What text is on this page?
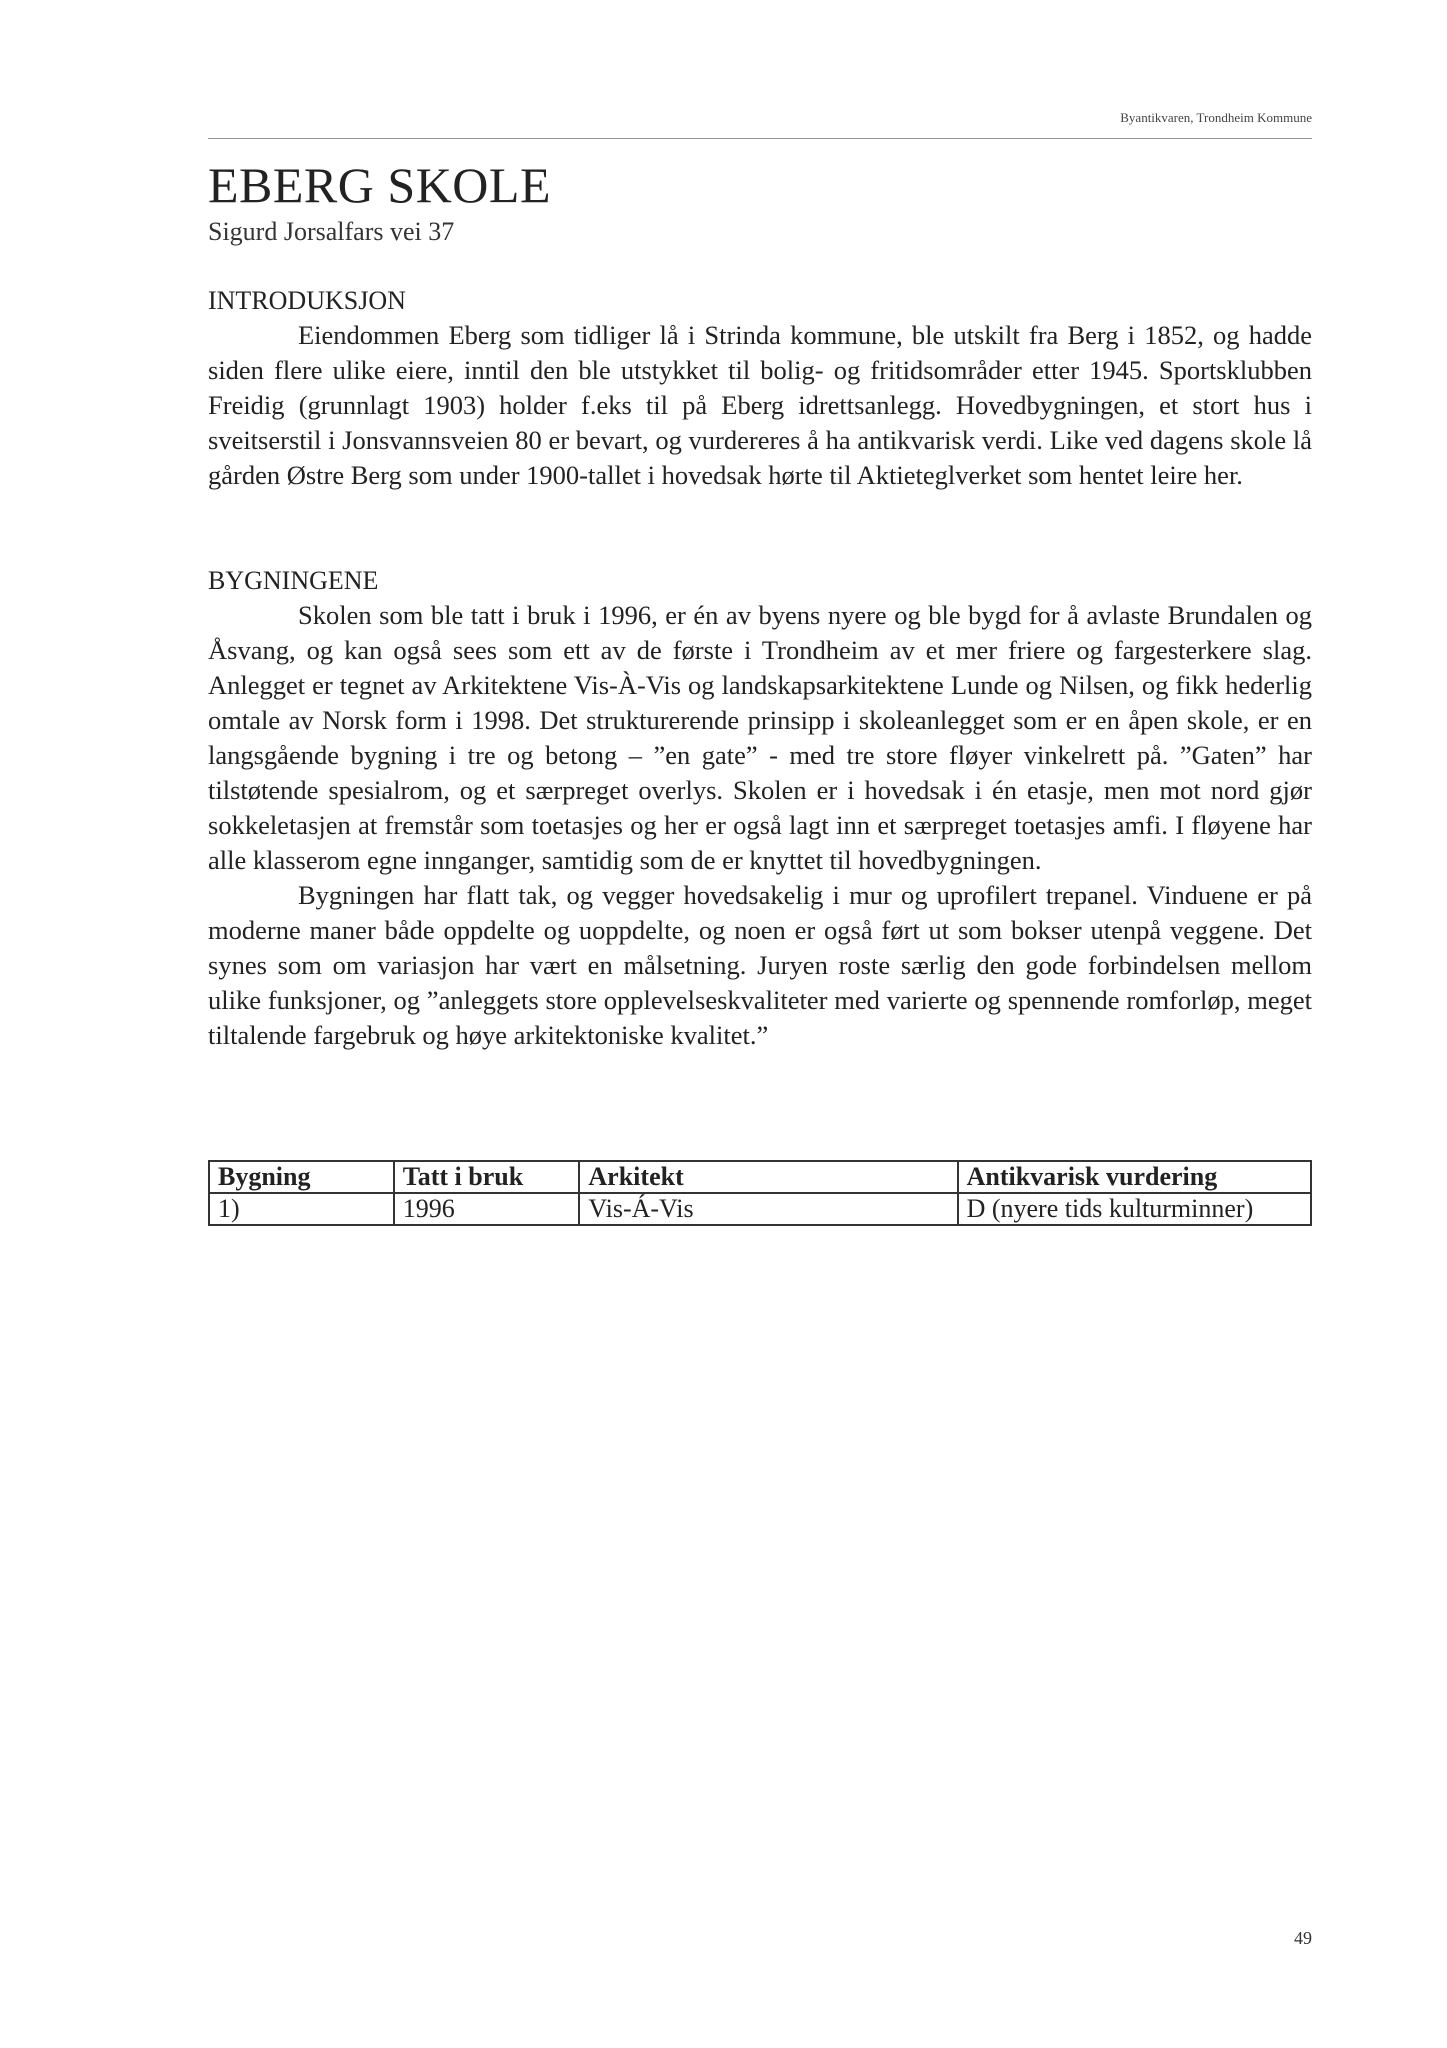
Byantikvaren, Trondheim Kommune
EBERG SKOLE
Sigurd Jorsalfars vei 37
INTRODUKSJON

Eiendommen Eberg som tidliger lå i Strinda kommune, ble utskilt fra Berg i 1852, og hadde siden flere ulike eiere, inntil den ble utstykket til bolig- og fritidsområder etter 1945. Sportsklubben Freidig (grunnlagt 1903) holder f.eks til på Eberg idrettsanlegg. Hovedbygningen, et stort hus i sveitserstil i Jonsvannsveien 80 er bevart, og vurdereres å ha antikvarisk verdi. Like ved dagens skole lå gården Østre Berg som under 1900-tallet i hovedsak hørte til Aktieteglverket som hentet leire her.

BYGNINGENE

Skolen som ble tatt i bruk i 1996, er én av byens nyere og ble bygd for å avlaste Brundalen og Åsvang, og kan også sees som ett av de første i Trondheim av et mer friere og fargesterkere slag. Anlegget er tegnet av Arkitektene Vis-À-Vis og landskapsarkitektene Lunde og Nilsen, og fikk hederlig omtale av Norsk form i 1998. Det strukturerende prinsipp i skoleanlegget som er en åpen skole, er en langsgående bygning i tre og betong – ”en gate” - med tre store fløyer vinkelrett på. ”Gaten” har tilstøtende spesialrom, og et særpreget overlys. Skolen er i hovedsak i én etasje, men mot nord gjør sokkeletasjen at fremstår som toetasjes og her er også lagt inn et særpreget toetasjes amfi. I fløyene har alle klasserom egne innganger, samtidig som de er knyttet til hovedbygningen.

Bygningen har flatt tak, og vegger hovedsakelig i mur og uprofilert trepanel. Vinduene er på moderne maner både oppdelte og uoppdelte, og noen er også ført ut som bokser utenpå veggene. Det synes som om variasjon har vært en målsetning. Juryen roste særlig den gode forbindelsen mellom ulike funksjoner, og ”anleggets store opplevelseskvaliteter med varierte og spennende romforløp, meget tiltalende fargebruk og høye arkitektoniske kvalitet.”

Bygning	Tatt i bruk	Arkitekt	Antikvarisk vurdering
1)	1996	Vis-Á-Vis	D (nyere tids kulturminner)
49
